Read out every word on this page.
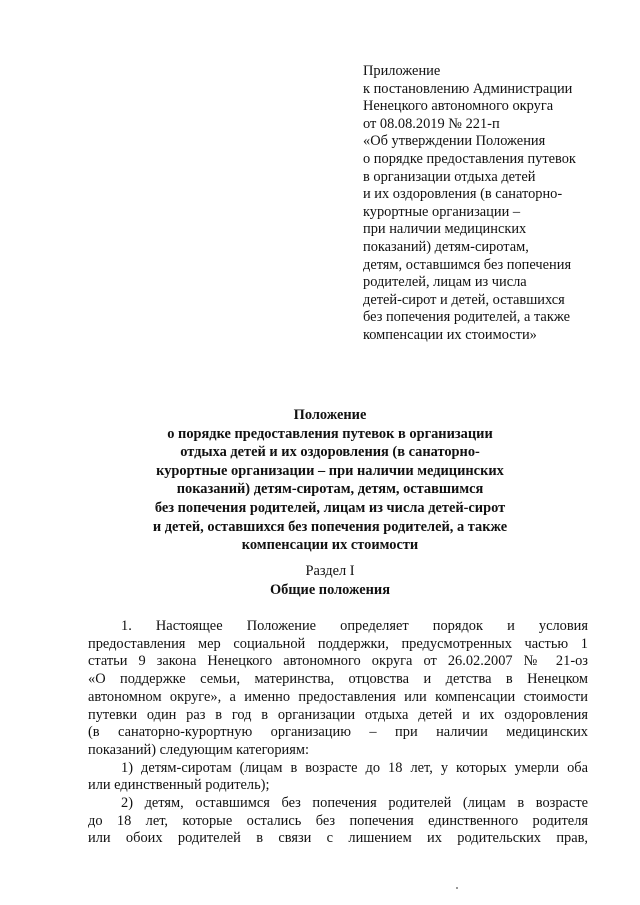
Приложение
к постановлению Администрации
Ненецкого автономного округа
от 08.08.2019 № 221-п
«Об утверждении Положения
о порядке предоставления путевок
в организации отдыха детей
и их оздоровления (в санаторно-
курортные организации –
при наличии медицинских
показаний) детям-сиротам,
детям, оставшимся без попечения
родителей, лицам из числа
детей-сирот и детей, оставшихся
без попечения родителей, а также
компенсации их стоимости»
Положение
о порядке предоставления путевок в организации
отдыха детей и их оздоровления (в санаторно-
курортные организации – при наличии медицинских
показаний) детям-сиротам, детям, оставшимся
без попечения родителей, лицам из числа детей-сирот
и детей, оставшихся без попечения родителей, а также
компенсации их стоимости
Раздел I
Общие положения
1. Настоящее Положение определяет порядок и условия
предоставления мер социальной поддержки, предусмотренных частью 1
статьи 9 закона Ненецкого автономного округа от 26.02.2007 № 21-оз
«О поддержке семьи, материнства, отцовства и детства в Ненецком
автономном округе», а именно предоставления или компенсации стоимости
путевки один раз в год в организации отдыха детей и их оздоровления
(в санаторно-курортную организацию – при наличии медицинских
показаний) следующим категориям:
1) детям-сиротам (лицам в возрасте до 18 лет, у которых умерли оба
или единственный родитель);
2) детям, оставшимся без попечения родителей (лицам в возрасте
до 18 лет, которые остались без попечения единственного родителя
или обоих родителей в связи с лишением их родительских прав,
